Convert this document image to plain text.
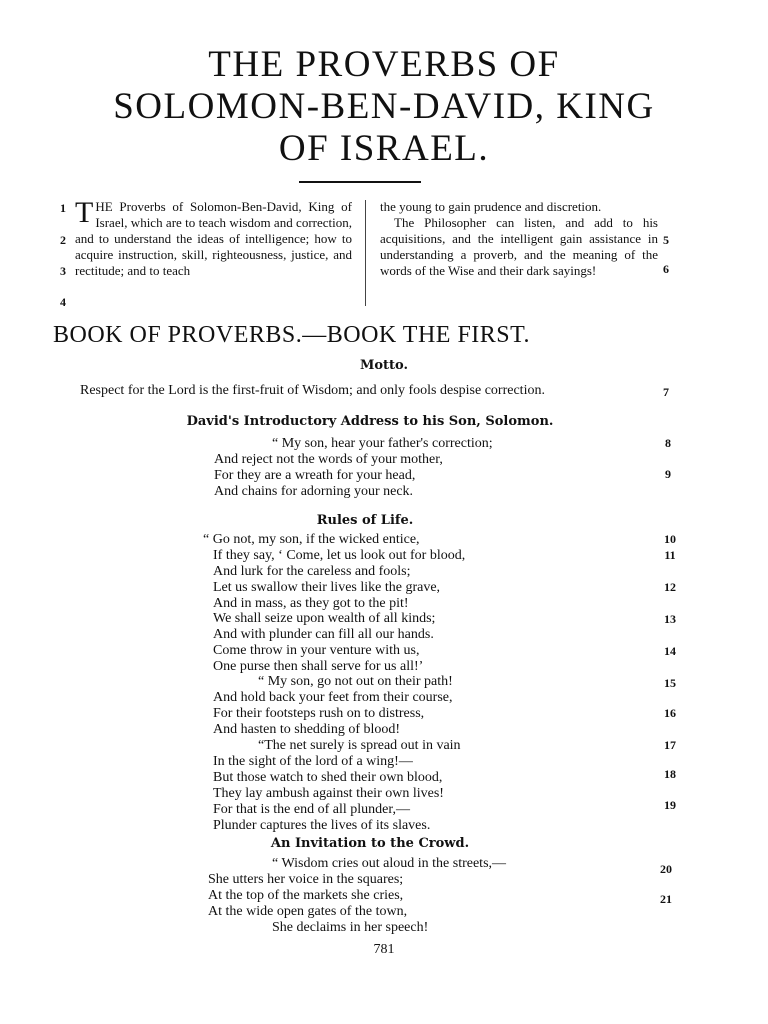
THE PROVERBS OF
SOLOMON-BEN-DAVID, KING
OF ISRAEL.
1
2
3
4
T HE Proverbs of Solomon-Ben-David, King of Israel, which are to teach wisdom and correction, and to understand the ideas of intelligence; how to acquire instruction, skill, righteousness, justice, and rectitude; and to teach
the young to gain prudence and discretion.
The Philosopher can listen, and add to his acquisitions, and the intelligent gain assistance in understanding a proverb, and the meaning of the words of the Wise and their dark sayings!
5
6
BOOK OF PROVERBS.—BOOK THE FIRST.
Motto.
Respect for the Lord is the first-fruit of Wisdom; and only fools despise correction.	7
David's Introductory Address to his Son, Solomon.
“ My son, hear your father's correction;
And reject not the words of your mother,
For they are a wreath for your head,
And chains for adorning your neck.
8
9
Rules of Life.
“ Go not, my son, if the wicked entice,
If they say, ‘ Come, let us look out for blood,
And lurk for the careless and fools;
Let us swallow their lives like the grave,
And in mass, as they got to the pit!
We shall seize upon wealth of all kinds;
And with plunder can fill all our hands.
Come throw in your venture with us,
One purse then shall serve for us all!’
“ My son, go not out on their path!
And hold back your feet from their course,
For their footsteps rush on to distress,
And hasten to shedding of blood!
“The net surely is spread out in vain
In the sight of the lord of a wing!—
But those watch to shed their own blood,
They lay ambush against their own lives!
For that is the end of all plunder,—
Plunder captures the lives of its slaves.
10
11
12
13
14
15
16
17
18
19
An Invitation to the Crowd.
“ Wisdom cries out aloud in the streets,—
She utters her voice in the squares;
At the top of the markets she cries,
At the wide open gates of the town,
She declaims in her speech!
20
21
781
